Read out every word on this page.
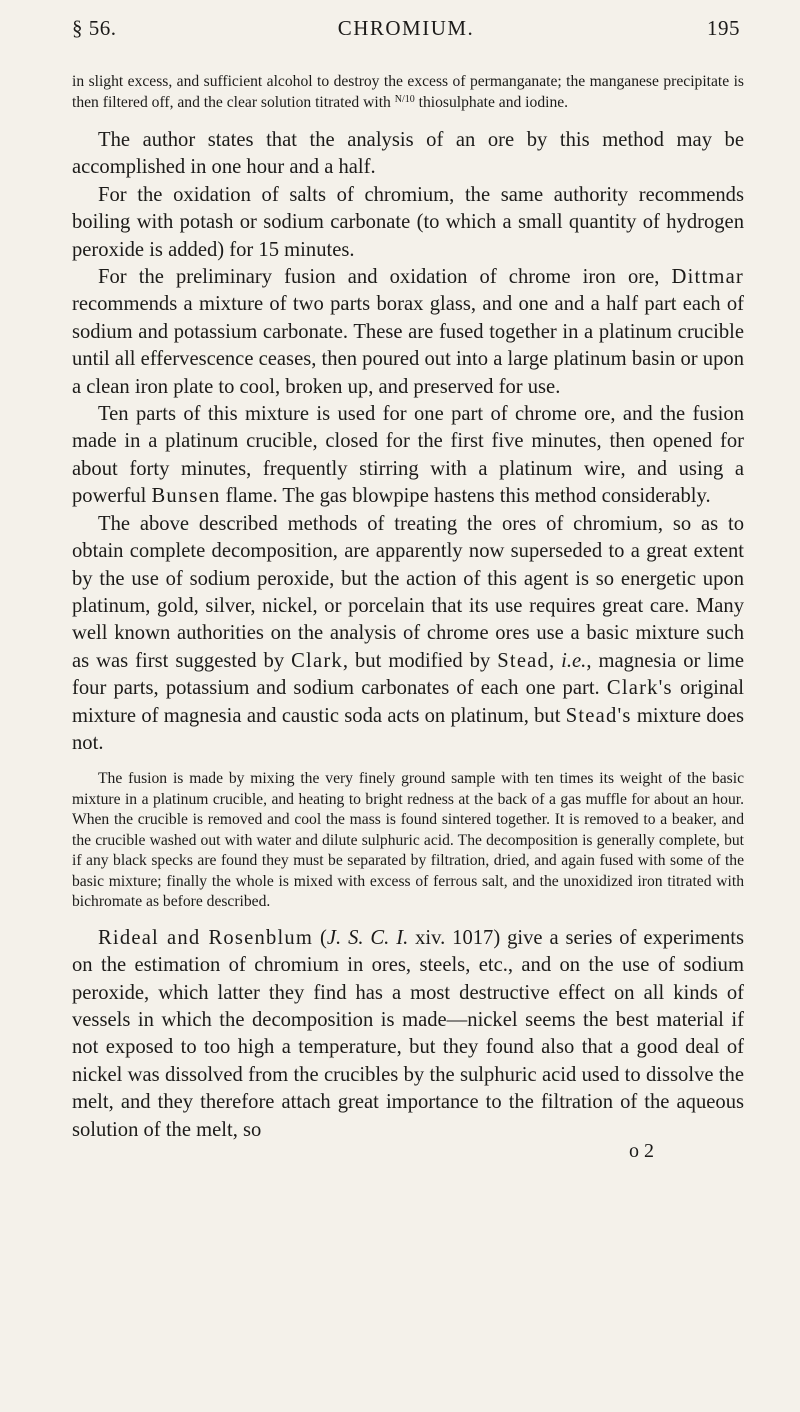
§ 56.	CHROMIUM.	195

in slight excess, and sufficient alcohol to destroy the excess of permanganate; the manganese precipitate is then filtered off, and the clear solution titrated with $^{N/10}$ thiosulphate and iodine.

The author states that the analysis of an ore by this method may be accomplished in one hour and a half.

For the oxidation of salts of chromium, the same authority recommends boiling with potash or sodium carbonate (to which a small quantity of hydrogen peroxide is added) for 15 minutes.

For the preliminary fusion and oxidation of chrome iron ore, Dittmar recommends a mixture of two parts borax glass, and one and a half part each of sodium and potassium carbonate. These are fused together in a platinum crucible until all effervescence ceases, then poured out into a large platinum basin or upon a clean iron plate to cool, broken up, and preserved for use.

Ten parts of this mixture is used for one part of chrome ore, and the fusion made in a platinum crucible, closed for the first five minutes, then opened for about forty minutes, frequently stirring with a platinum wire, and using a powerful Bunsen flame. The gas blowpipe hastens this method considerably.

The above described methods of treating the ores of chromium, so as to obtain complete decomposition, are apparently now superseded to a great extent by the use of sodium peroxide, but the action of this agent is so energetic upon platinum, gold, silver, nickel, or porcelain that its use requires great care. Many well known authorities on the analysis of chrome ores use a basic mixture such as was first suggested by Clark, but modified by Stead, i.e., magnesia or lime four parts, potassium and sodium carbonates of each one part. Clark's original mixture of magnesia and caustic soda acts on platinum, but Stead's mixture does not.

The fusion is made by mixing the very finely ground sample with ten times its weight of the basic mixture in a platinum crucible, and heating to bright redness at the back of a gas muffle for about an hour. When the crucible is removed and cool the mass is found sintered together. It is removed to a beaker, and the crucible washed out with water and dilute sulphuric acid. The decomposition is generally complete, but if any black specks are found they must be separated by filtration, dried, and again fused with some of the basic mixture; finally the whole is mixed with excess of ferrous salt, and the unoxidized iron titrated with bichromate as before described.

Rideal and Rosenblum (J. S. C. I. xiv. 1017) give a series of experiments on the estimation of chromium in ores, steels, etc., and on the use of sodium peroxide, which latter they find has a most destructive effect on all kinds of vessels in which the decomposition is made—nickel seems the best material if not exposed to too high a temperature, but they found also that a good deal of nickel was dissolved from the crucibles by the sulphuric acid used to dissolve the melt, and they therefore attach great importance to the filtration of the aqueous solution of the melt, so

o 2
